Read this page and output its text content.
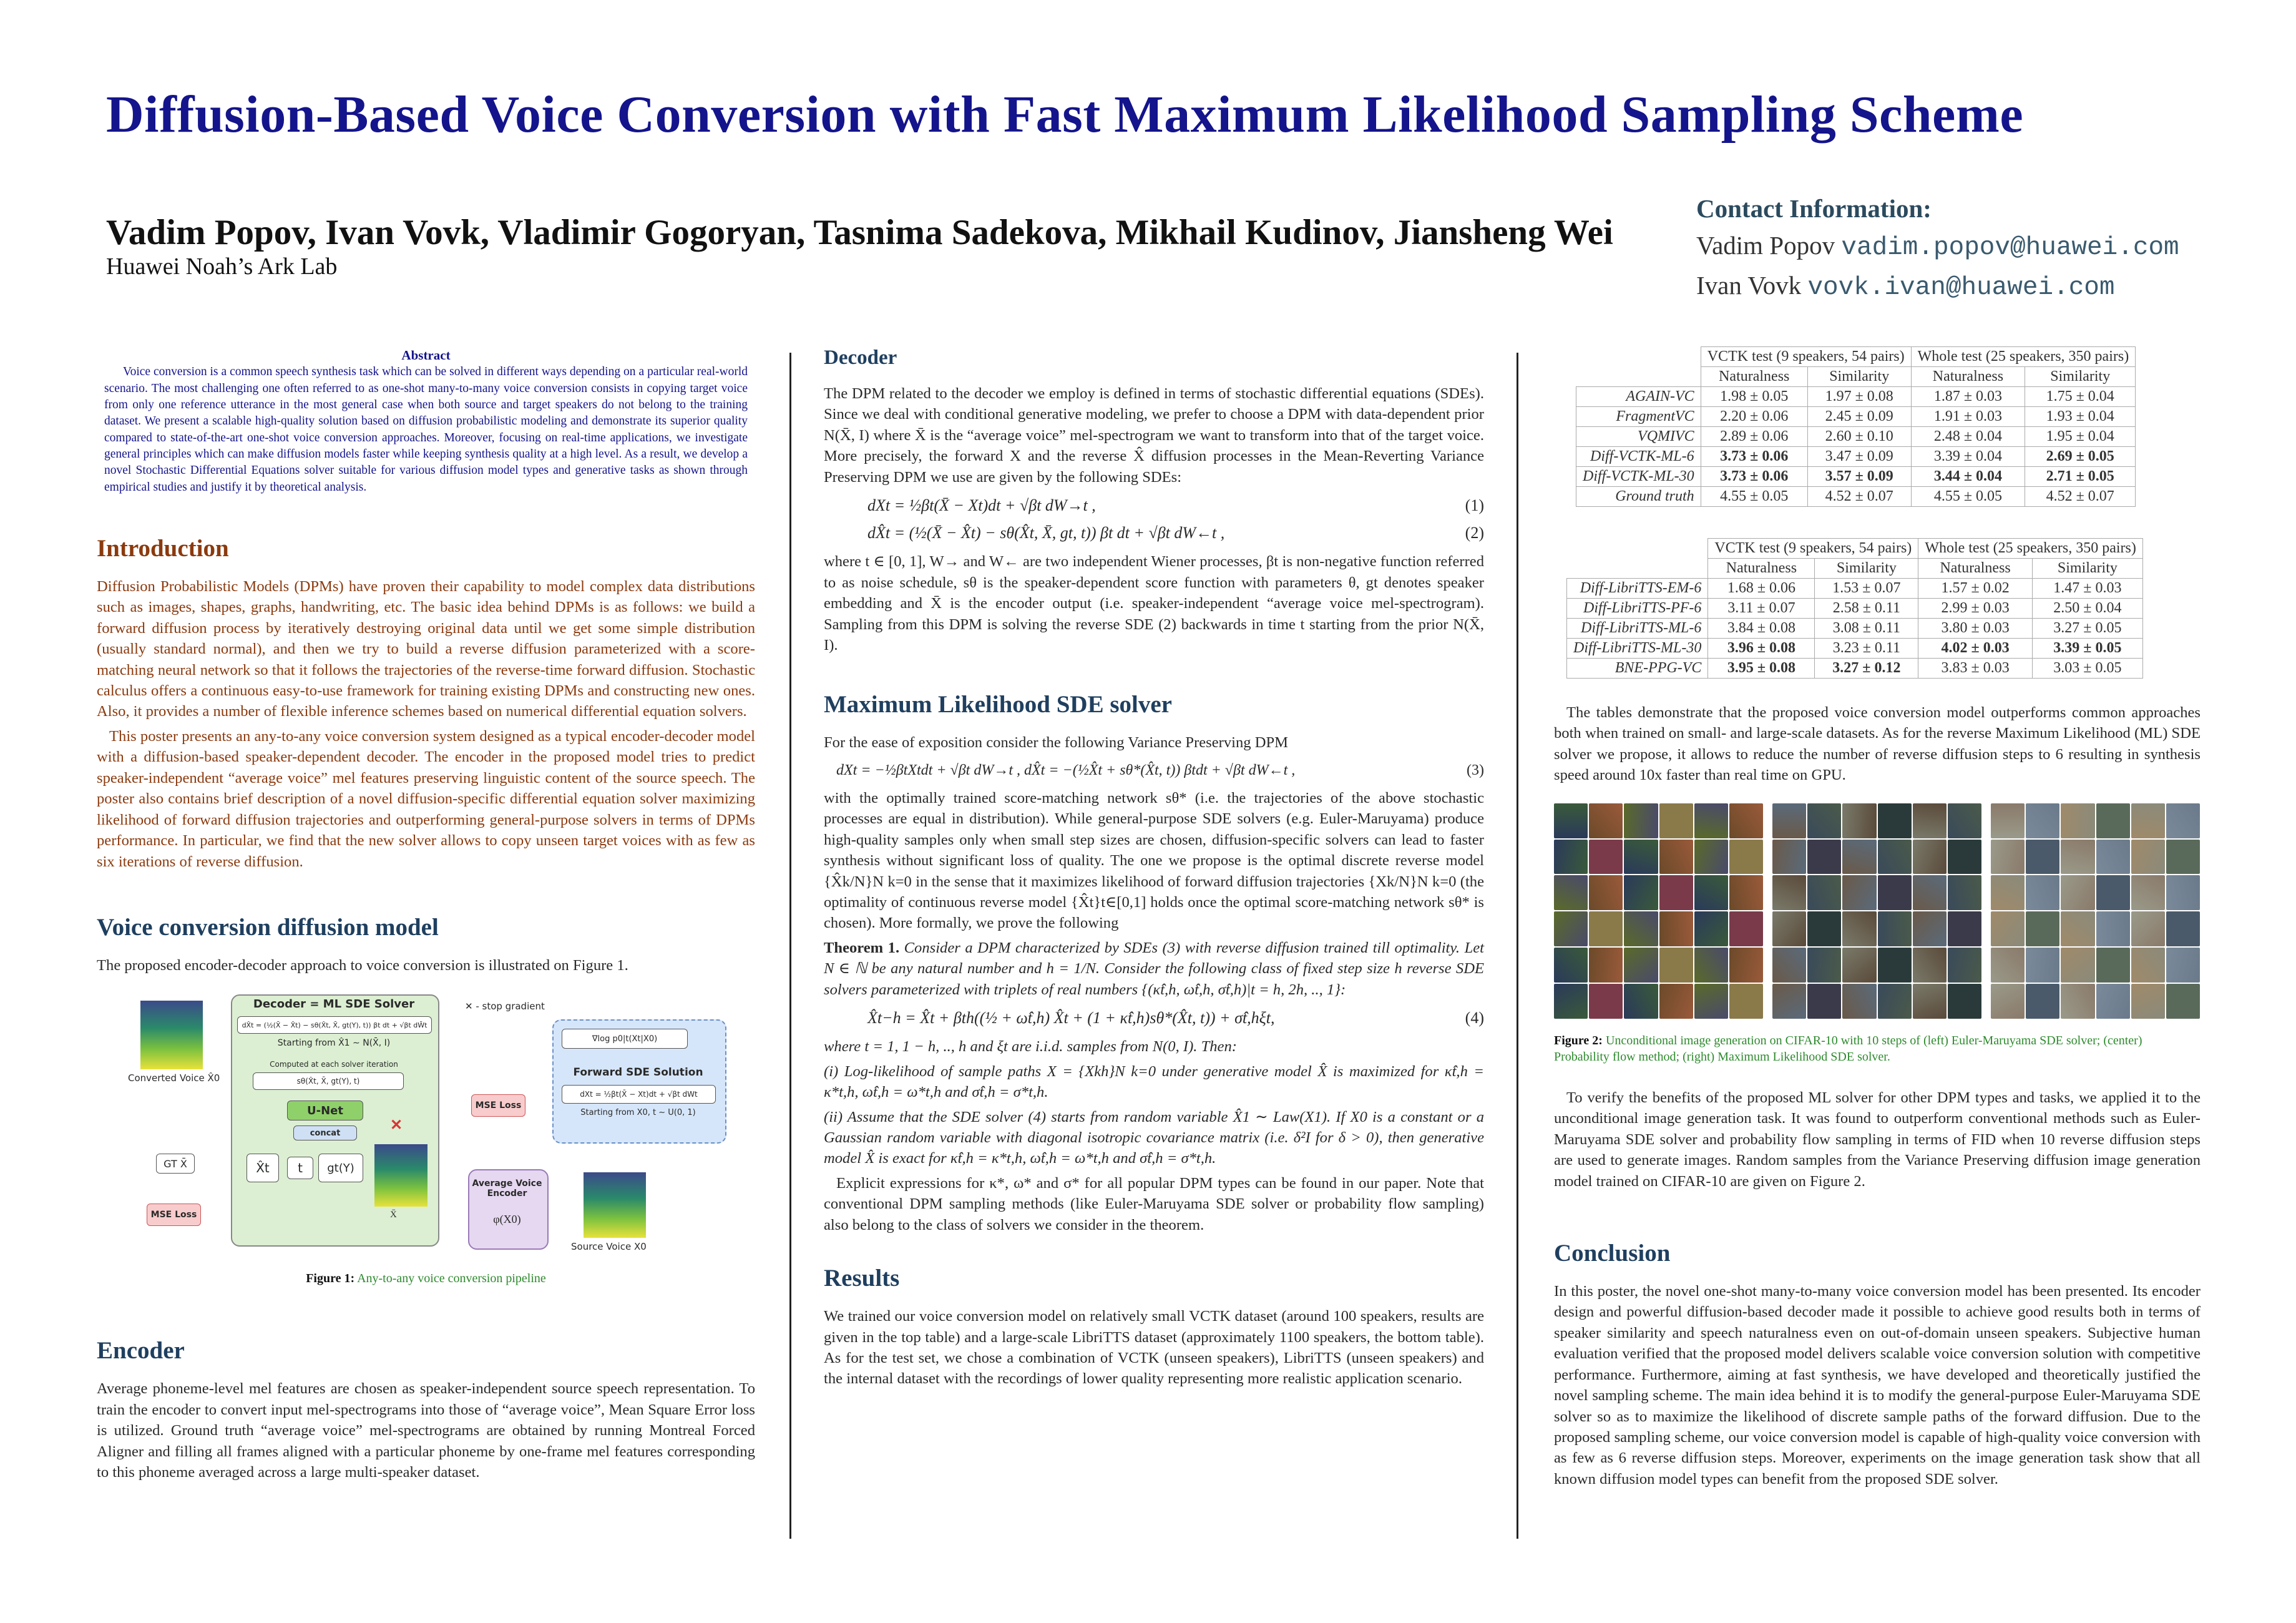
Diffusion-Based Voice Conversion with Fast Maximum Likelihood Sampling Scheme
Vadim Popov, Ivan Vovk, Vladimir Gogoryan, Tasnima Sadekova, Mikhail Kudinov, Jiansheng Wei
Huawei Noah’s Ark Lab
Contact Information:
Vadim Popov vadim.popov@huawei.com
Ivan Vovk vovk.ivan@huawei.com
Abstract
Voice conversion is a common speech synthesis task which can be solved in different ways depending on a particular real-world scenario. The most challenging one often referred to as one-shot many-to-many voice conversion consists in copying target voice from only one reference utterance in the most general case when both source and target speakers do not belong to the training dataset. We present a scalable high-quality solution based on diffusion probabilistic modeling and demonstrate its superior quality compared to state-of-the-art one-shot voice conversion approaches. Moreover, focusing on real-time applications, we investigate general principles which can make diffusion models faster while keeping synthesis quality at a high level. As a result, we develop a novel Stochastic Differential Equations solver suitable for various diffusion model types and generative tasks as shown through empirical studies and justify it by theoretical analysis.
Introduction

Diffusion Probabilistic Models (DPMs) have proven their capability to model complex data distributions such as images, shapes, graphs, handwriting, etc. The basic idea behind DPMs is as follows: we build a forward diffusion process by iteratively destroying original data until we get some simple distribution (usually standard normal), and then we try to build a reverse diffusion parameterized with a score-matching neural network so that it follows the trajectories of the reverse-time forward diffusion. Stochastic calculus offers a continuous easy-to-use framework for training existing DPMs and constructing new ones. Also, it provides a number of flexible inference schemes based on numerical differential equation solvers.

This poster presents an any-to-any voice conversion system designed as a typical encoder-decoder model with a diffusion-based speaker-dependent decoder. The encoder in the proposed model tries to predict speaker-independent “average voice” mel features preserving linguistic content of the source speech. The poster also contains brief description of a novel diffusion-specific differential equation solver maximizing likelihood of forward diffusion trajectories and outperforming general-purpose solvers in terms of DPMs performance. In particular, we find that the new solver allows to copy unseen target voices with as few as six iterations of reverse diffusion.

Voice conversion diffusion model

The proposed encoder-decoder approach to voice conversion is illustrated on Figure 1.

Converted Voice X̂0
Decoder = ML SDE Solver
dX̂t = (½(X̄ − X̂t) − sθ(X̂t, X̄, gt(Y), t)) βt dt + √βt dW̄t
Starting from X̂1 ∼ N(X̄, I)
Computed at each solver iteration
sθ(X̂t, X̄, gt(Y), t)
U-Net
concat
X̂t	t	gt(Y)
X̄
✕
✕ - stop gradient
MSE Loss
∇log p0|t(Xt|X0)
Forward SDE Solution
dXt = ½βt(X̄ − Xt)dt + √βt dWt
Starting from X0, t ∼ U(0, 1)
GT X̄
MSE Loss
Average Voice Encoder
φ(X0)
Source Voice X0
Figure 1: Any-to-any voice conversion pipeline
Encoder

Average phoneme-level mel features are chosen as speaker-independent source speech representation. To train the encoder to convert input mel-spectrograms into those of “average voice”, Mean Square Error loss is utilized. Ground truth “average voice” mel-spectrograms are obtained by running Montreal Forced Aligner and filling all frames aligned with a particular phoneme by one-frame mel features corresponding to this phoneme averaged across a large multi-speaker dataset.

Decoder

The DPM related to the decoder we employ is defined in terms of stochastic differential equations (SDEs). Since we deal with conditional generative modeling, we prefer to choose a DPM with data-dependent prior N(X̄, I) where X̄ is the “average voice” mel-spectrogram we want to transform into that of the target voice. More precisely, the forward X and the reverse X̂ diffusion processes in the Mean-Reverting Variance Preserving DPM we use are given by the following SDEs:

dXt = ½βt(X̄ − Xt)dt + √βt dW→t ,	(1)
dX̂t = (½(X̄ − X̂t) − sθ(X̂t, X̄, gt, t)) βt dt + √βt dW←t ,	(2)

where t ∈ [0, 1], W→ and W← are two independent Wiener processes, βt is non-negative function referred to as noise schedule, sθ is the speaker-dependent score function with parameters θ, gt denotes speaker embedding and X̄ is the encoder output (i.e. speaker-independent “average voice mel-spectrogram). Sampling from this DPM is solving the reverse SDE (2) backwards in time t starting from the prior N(X̄, I).

Maximum Likelihood SDE solver

For the ease of exposition consider the following Variance Preserving DPM

dXt = −½βtXtdt + √βt dW→t , dX̂t = −(½X̂t + sθ*(X̂t, t)) βtdt + √βt dW←t ,	(3)

with the optimally trained score-matching network sθ* (i.e. the trajectories of the above stochastic processes are equal in distribution). While general-purpose SDE solvers (e.g. Euler-Maruyama) produce high-quality samples only when small step sizes are chosen, diffusion-specific solvers can lead to faster synthesis without significant loss of quality. The one we propose is the optimal discrete reverse model {X̂k/N}N k=0 in the sense that it maximizes likelihood of forward diffusion trajectories {Xk/N}N k=0 (the optimality of continuous reverse model {X̂t}t∈[0,1] holds once the optimal score-matching network sθ* is chosen). More formally, we prove the following

Theorem 1. Consider a DPM characterized by SDEs (3) with reverse diffusion trained till optimality. Let N ∈ ℕ be any natural number and h = 1/N. Consider the following class of fixed step size h reverse SDE solvers parameterized with triplets of real numbers {(κ̂t,h, ω̂t,h, σ̂t,h)|t = h, 2h, .., 1}:

X̂t−h = X̂t + βth((½ + ω̂t,h) X̂t + (1 + κ̂t,h)sθ*(X̂t, t)) + σ̂t,hξt,	(4)

where t = 1, 1 − h, .., h and ξt are i.i.d. samples from N(0, I). Then:

(i) Log-likelihood of sample paths X = {Xkh}N k=0 under generative model X̂ is maximized for κ̂t,h = κ*t,h, ω̂t,h = ω*t,h and σ̂t,h = σ*t,h.

(ii) Assume that the SDE solver (4) starts from random variable X̂1 ∼ Law(X1). If X0 is a constant or a Gaussian random variable with diagonal isotropic covariance matrix (i.e. δ²I for δ > 0), then generative model X̂ is exact for κ̂t,h = κ*t,h, ω̂t,h = ω*t,h and σ̂t,h = σ*t,h.

Explicit expressions for κ*, ω* and σ* for all popular DPM types can be found in our paper. Note that conventional DPM sampling methods (like Euler-Maruyama SDE solver or probability flow sampling) also belong to the class of solvers we consider in the theorem.

Results

We trained our voice conversion model on relatively small VCTK dataset (around 100 speakers, results are given in the top table) and a large-scale LibriTTS dataset (approximately 1100 speakers, the bottom table). As for the test set, we chose a combination of VCTK (unseen speakers), LibriTTS (unseen speakers) and the internal dataset with the recordings of lower quality representing more realistic application scenario.

	VCTK test (9 speakers, 54 pairs)		Whole test (25 speakers, 350 pairs)	
	Naturalness	Similarity	Naturalness	Similarity
AGAIN-VC	1.98 ± 0.05	1.97 ± 0.08	1.87 ± 0.03	1.75 ± 0.04
FragmentVC	2.20 ± 0.06	2.45 ± 0.09	1.91 ± 0.03	1.93 ± 0.04
VQMIVC	2.89 ± 0.06	2.60 ± 0.10	2.48 ± 0.04	1.95 ± 0.04
Diff-VCTK-ML-6	3.73 ± 0.06	3.47 ± 0.09	3.39 ± 0.04	2.69 ± 0.05
Diff-VCTK-ML-30	3.73 ± 0.06	3.57 ± 0.09	3.44 ± 0.04	2.71 ± 0.05
Ground truth	4.55 ± 0.05	4.52 ± 0.07	4.55 ± 0.05	4.52 ± 0.07
	VCTK test (9 speakers, 54 pairs)		Whole test (25 speakers, 350 pairs)	
	Naturalness	Similarity	Naturalness	Similarity
Diff-LibriTTS-EM-6	1.68 ± 0.06	1.53 ± 0.07	1.57 ± 0.02	1.47 ± 0.03
Diff-LibriTTS-PF-6	3.11 ± 0.07	2.58 ± 0.11	2.99 ± 0.03	2.50 ± 0.04
Diff-LibriTTS-ML-6	3.84 ± 0.08	3.08 ± 0.11	3.80 ± 0.03	3.27 ± 0.05
Diff-LibriTTS-ML-30	3.96 ± 0.08	3.23 ± 0.11	4.02 ± 0.03	3.39 ± 0.05
BNE-PPG-VC	3.95 ± 0.08	3.27 ± 0.12	3.83 ± 0.03	3.03 ± 0.05

The tables demonstrate that the proposed voice conversion model outperforms common approaches both when trained on small- and large-scale datasets. As for the reverse Maximum Likelihood (ML) SDE solver we propose, it allows to reduce the number of reverse diffusion steps to 6 resulting in synthesis speed around 10x faster than real time on GPU.

Figure 2: Unconditional image generation on CIFAR-10 with 10 steps of (left) Euler-Maruyama SDE solver; (center) Probability flow method; (right) Maximum Likelihood SDE solver.

To verify the benefits of the proposed ML solver for other DPM types and tasks, we applied it to the unconditional image generation task. It was found to outperform conventional methods such as Euler-Maruyama SDE solver and probability flow sampling in terms of FID when 10 reverse diffusion steps are used to generate images. Random samples from the Variance Preserving diffusion image generation model trained on CIFAR-10 are given on Figure 2.

Conclusion

In this poster, the novel one-shot many-to-many voice conversion model has been presented. Its encoder design and powerful diffusion-based decoder made it possible to achieve good results both in terms of speaker similarity and speech naturalness even on out-of-domain unseen speakers. Subjective human evaluation verified that the proposed model delivers scalable voice conversion solution with competitive performance. Furthermore, aiming at fast synthesis, we have developed and theoretically justified the novel sampling scheme. The main idea behind it is to modify the general-purpose Euler-Maruyama SDE solver so as to maximize the likelihood of discrete sample paths of the forward diffusion. Due to the proposed sampling scheme, our voice conversion model is capable of high-quality voice conversion with as few as 6 reverse diffusion steps. Moreover, experiments on the image generation task show that all known diffusion model types can benefit from the proposed SDE solver.
